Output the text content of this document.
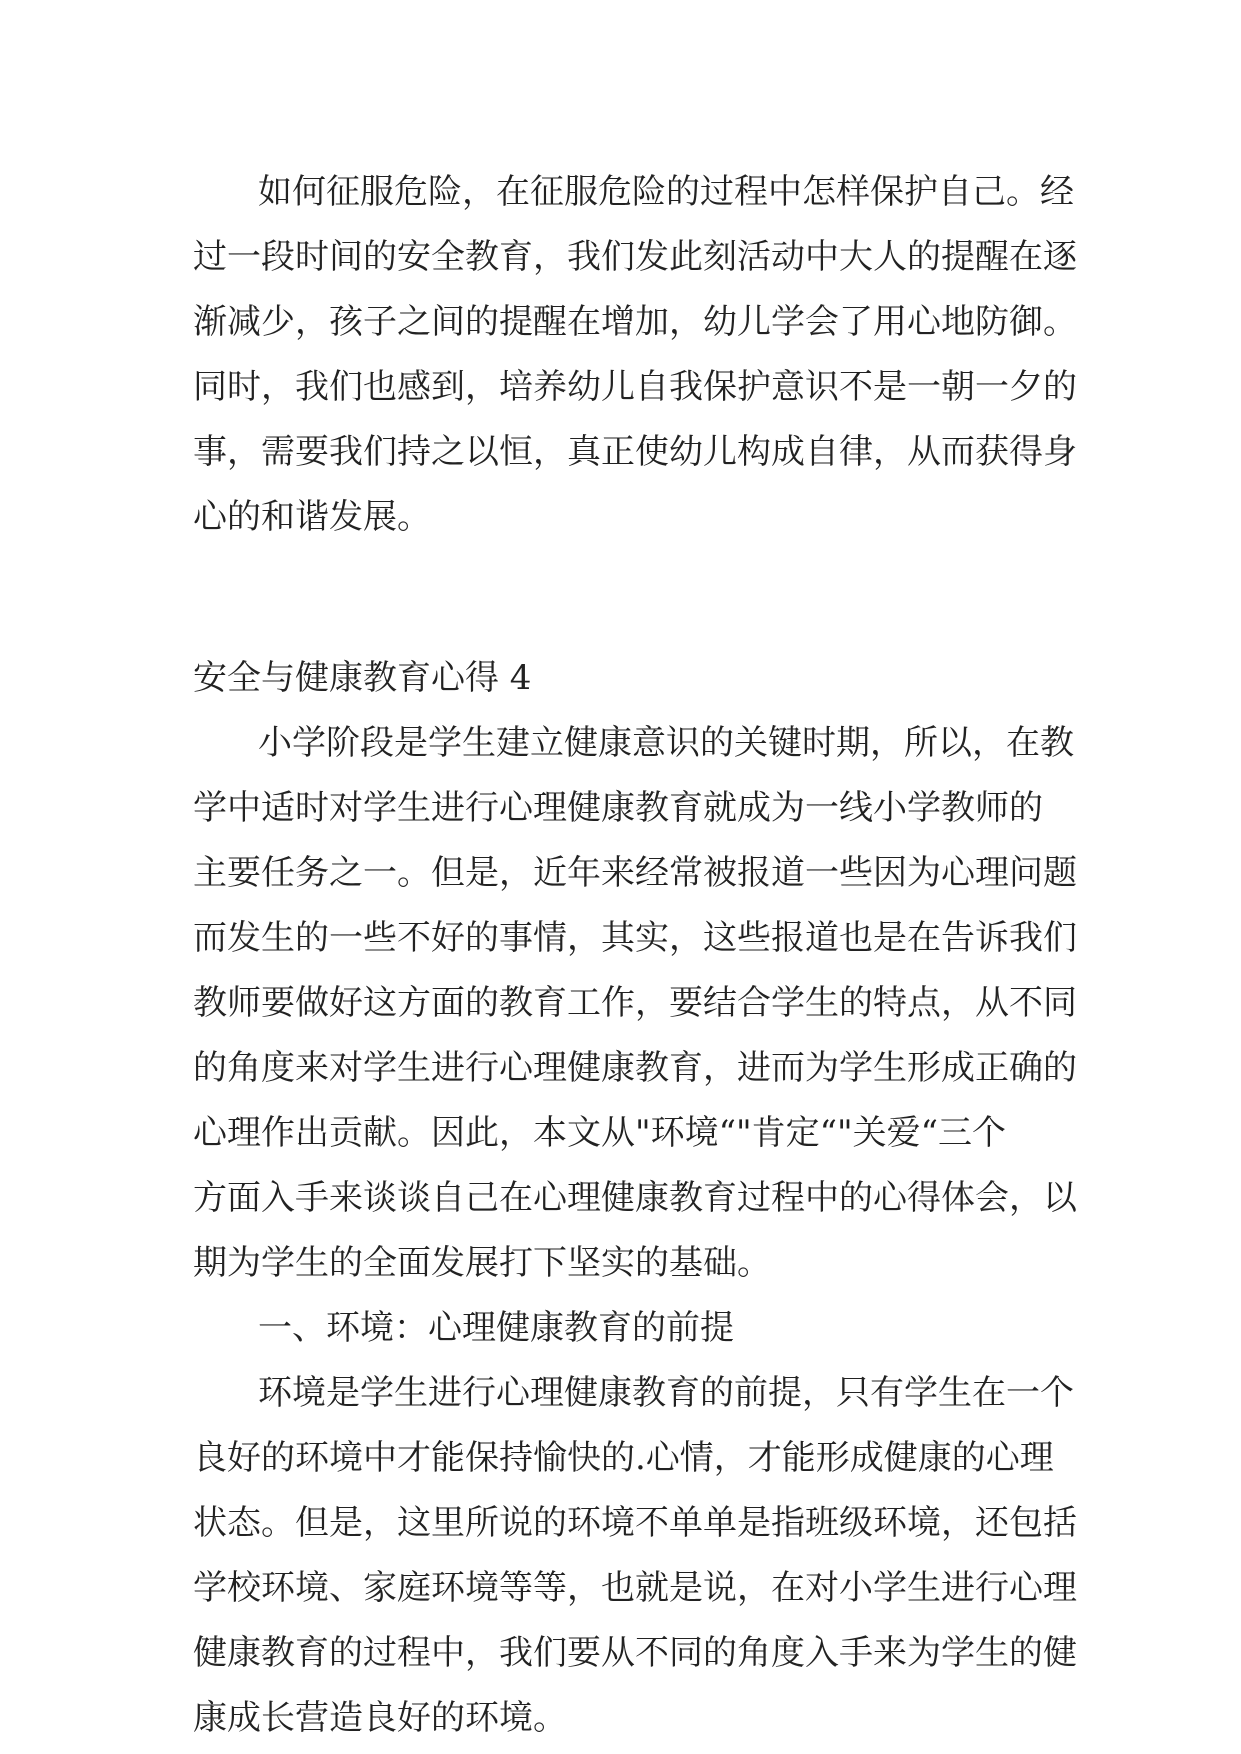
如何征服危险，在征服危险的过程中怎样保护自己。经
过一段时间的安全教育，我们发此刻活动中大人的提醒在逐
渐减少，孩子之间的提醒在增加，幼儿学会了用心地防御。
同时，我们也感到，培养幼儿自我保护意识不是一朝一夕的
事，需要我们持之以恒，真正使幼儿构成自律，从而获得身
心的和谐发展。
安全与健康教育心得 4
小学阶段是学生建立健康意识的关键时期，所以，在教
学中适时对学生进行心理健康教育就成为一线小学教师的
主要任务之一。但是，近年来经常被报道一些因为心理问题
而发生的一些不好的事情，其实，这些报道也是在告诉我们
教师要做好这方面的教育工作，要结合学生的特点，从不同
的角度来对学生进行心理健康教育，进而为学生形成正确的
心理作出贡献。因此，本文从"环境“"肯定“"关爱“三个
方面入手来谈谈自己在心理健康教育过程中的心得体会，以
期为学生的全面发展打下坚实的基础。
一、环境：心理健康教育的前提
环境是学生进行心理健康教育的前提，只有学生在一个
良好的环境中才能保持愉快的.心情，才能形成健康的心理
状态。但是，这里所说的环境不单单是指班级环境，还包括
学校环境、家庭环境等等，也就是说，在对小学生进行心理
健康教育的过程中，我们要从不同的角度入手来为学生的健
康成长营造良好的环境。
